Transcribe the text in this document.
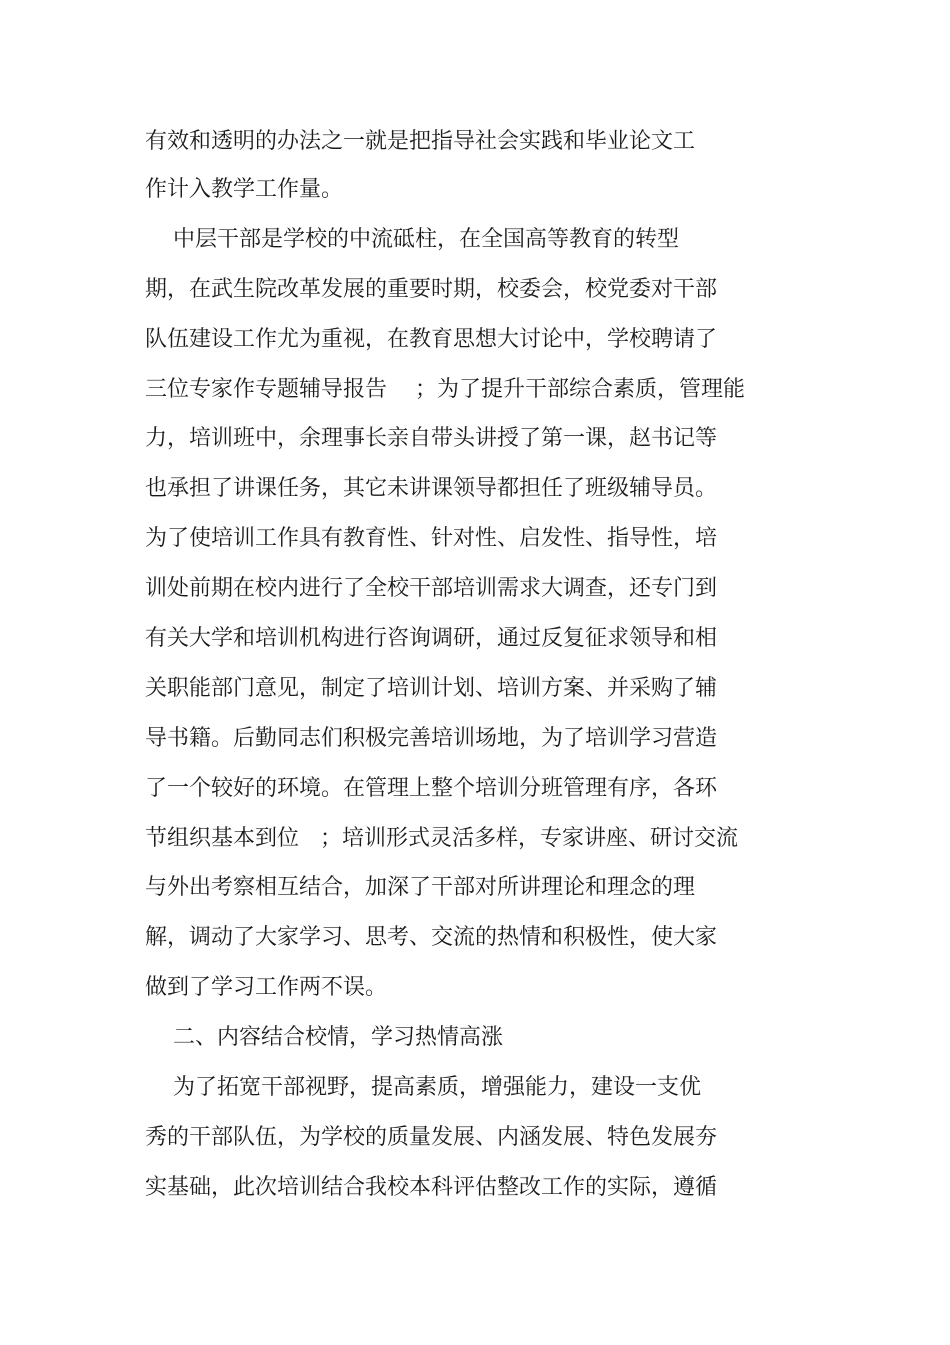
有效和透明的办法之一就是把指导社会实践和毕业论文工
作计入教学工作量。
中层干部是学校的中流砥柱，在全国高等教育的转型
期，在武生院改革发展的重要时期，校委会，校党委对干部
队伍建设工作尤为重视，在教育思想大讨论中，学校聘请了
三位专家作专题辅导报告    ；为了提升干部综合素质，管理能
力，培训班中，余理事长亲自带头讲授了第一课，赵书记等
也承担了讲课任务，其它未讲课领导都担任了班级辅导员。
为了使培训工作具有教育性、针对性、启发性、指导性，培
训处前期在校内进行了全校干部培训需求大调查，还专门到
有关大学和培训机构进行咨询调研，通过反复征求领导和相
关职能部门意见，制定了培训计划、培训方案、并采购了辅
导书籍。后勤同志们积极完善培训场地，为了培训学习营造
了一个较好的环境。在管理上整个培训分班管理有序，各环
节组织基本到位   ；培训形式灵活多样，专家讲座、研讨交流
与外出考察相互结合，加深了干部对所讲理论和理念的理
解，调动了大家学习、思考、交流的热情和积极性，使大家
做到了学习工作两不误。
二、内容结合校情，学习热情高涨
为了拓宽干部视野，提高素质，增强能力，建设一支优
秀的干部队伍，为学校的质量发展、内涵发展、特色发展夯
实基础，此次培训结合我校本科评估整改工作的实际，遵循
